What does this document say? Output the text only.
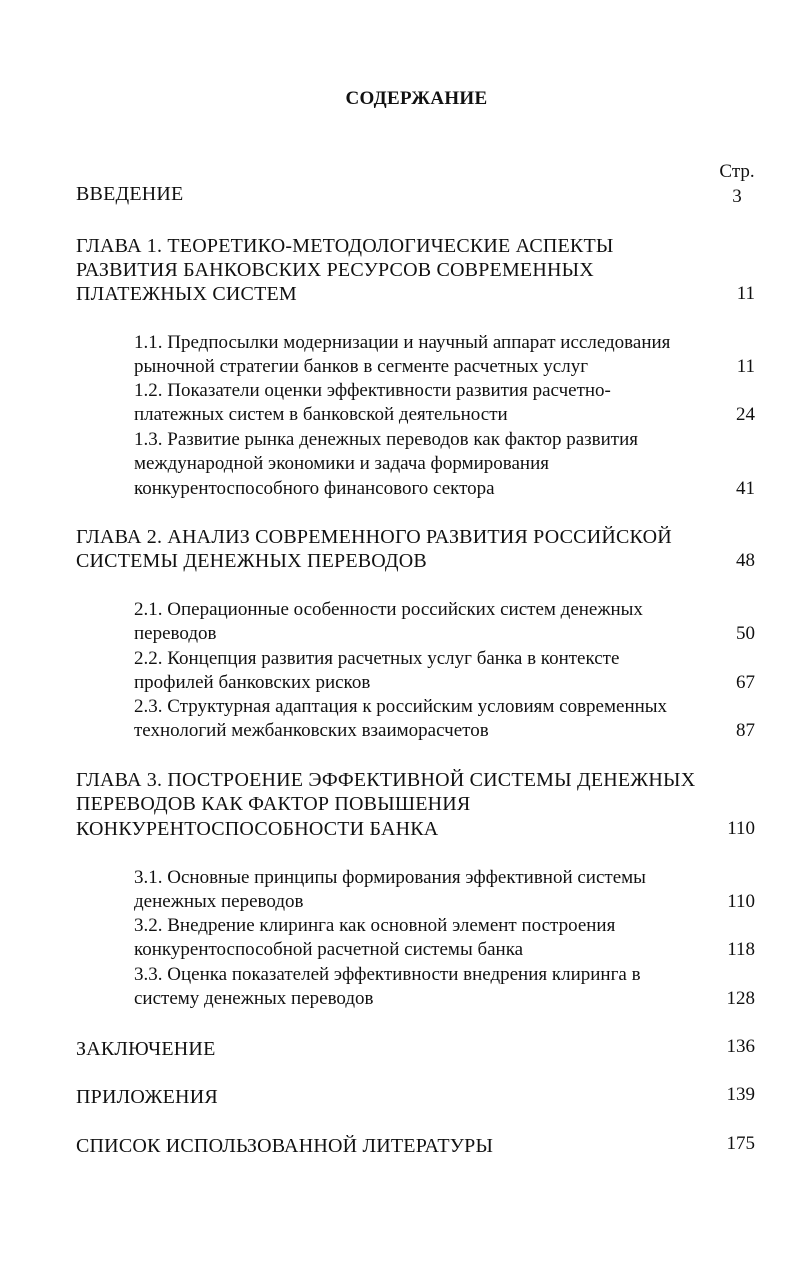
СОДЕРЖАНИЕ
Стр.
ВВЕДЕНИЕ	3
ГЛАВА 1. ТЕОРЕТИКО-МЕТОДОЛОГИЧЕСКИЕ АСПЕКТЫ
РАЗВИТИЯ БАНКОВСКИХ РЕСУРСОВ СОВРЕМЕННЫХ
ПЛАТЕЖНЫХ СИСТЕМ	11
1.1. Предпосылки модернизации и научный аппарат исследования
рыночной стратегии банков в сегменте расчетных услуг	11
1.2. Показатели оценки эффективности развития расчетно-
платежных систем в банковской деятельности	24
1.3. Развитие рынка денежных переводов как фактор развития
международной экономики и задача формирования
конкурентоспособного финансового сектора	41
ГЛАВА 2. АНАЛИЗ СОВРЕМЕННОГО РАЗВИТИЯ РОССИЙСКОЙ
СИСТЕМЫ ДЕНЕЖНЫХ ПЕРЕВОДОВ	48
2.1. Операционные особенности российских систем денежных
переводов	50
2.2. Концепция развития расчетных услуг банка в контексте
профилей банковских рисков	67
2.3. Структурная адаптация к российским условиям современных
технологий межбанковских взаиморасчетов	87
ГЛАВА 3. ПОСТРОЕНИЕ ЭФФЕКТИВНОЙ СИСТЕМЫ ДЕНЕЖНЫХ
ПЕРЕВОДОВ КАК ФАКТОР ПОВЫШЕНИЯ
КОНКУРЕНТОСПОСОБНОСТИ БАНКА	110
3.1. Основные принципы формирования эффективной системы
денежных переводов	110
3.2. Внедрение клиринга как основной элемент построения
конкурентоспособной расчетной системы банка	118
3.3. Оценка показателей эффективности внедрения клиринга в
систему денежных переводов	128
ЗАКЛЮЧЕНИЕ	136
ПРИЛОЖЕНИЯ	139
СПИСОК ИСПОЛЬЗОВАННОЙ ЛИТЕРАТУРЫ	175
